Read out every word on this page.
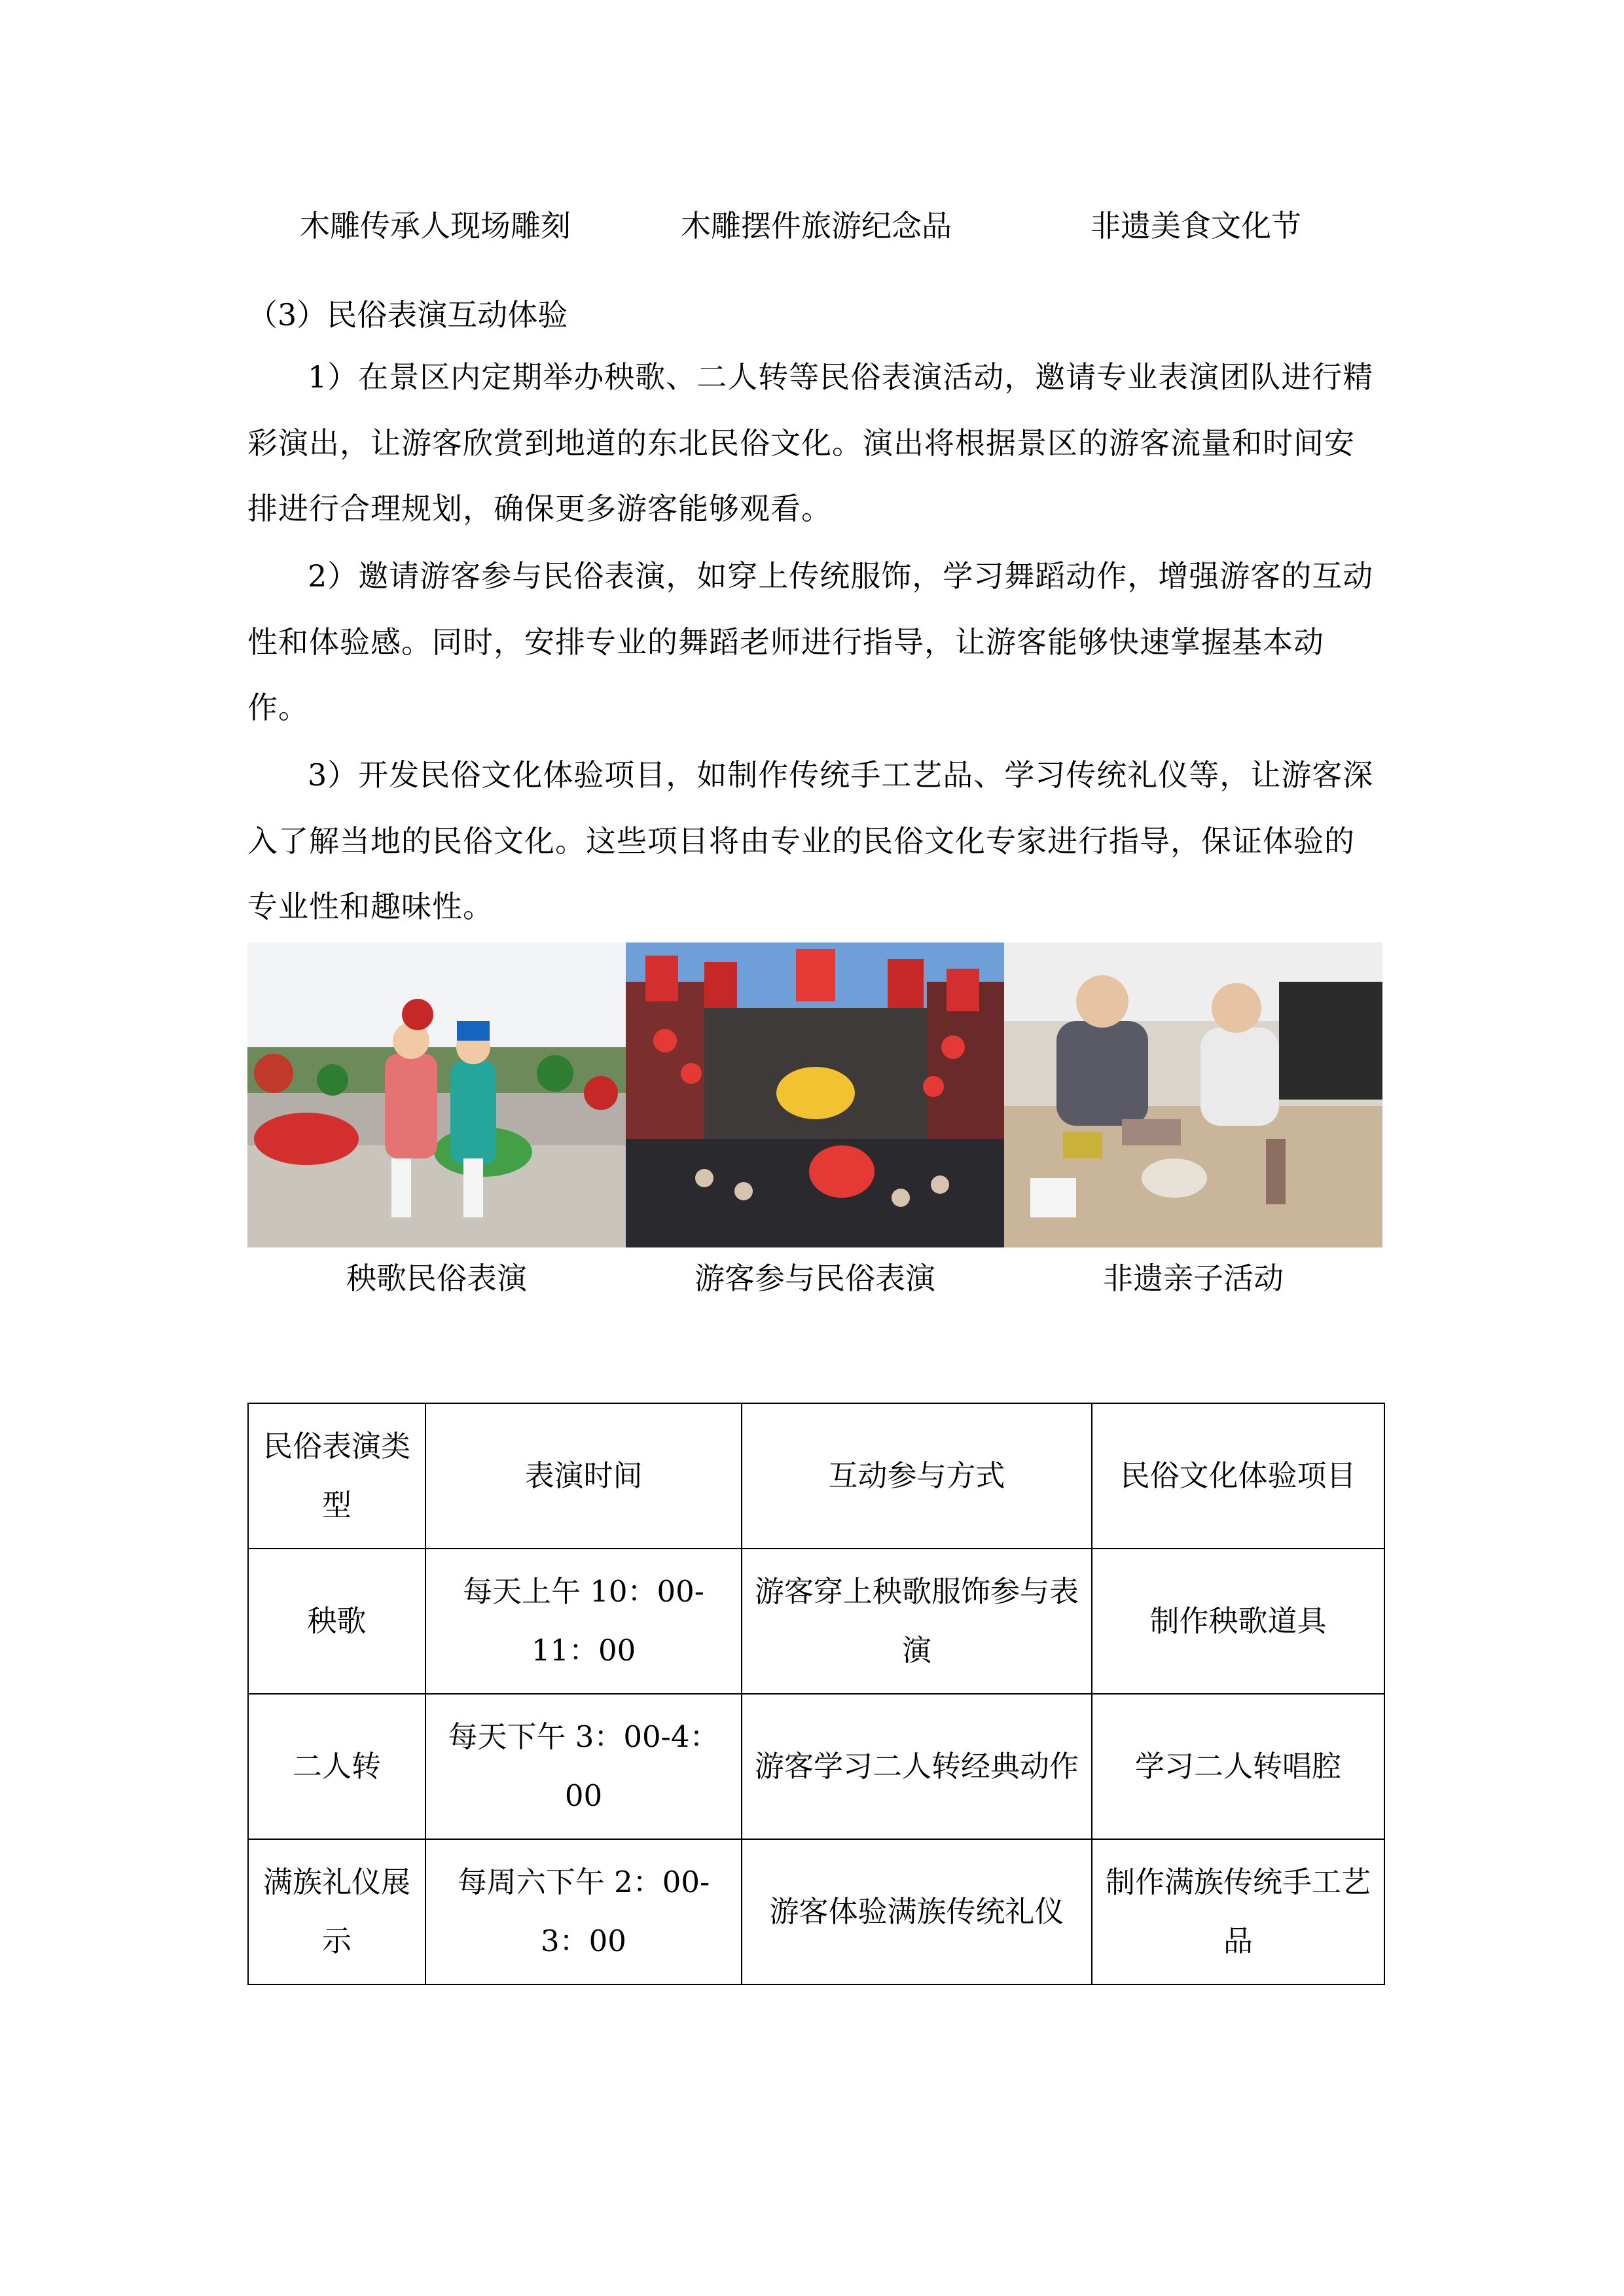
木雕传承人现场雕刻	木雕摆件旅游纪念品	非遗美食文化节
（3）民俗表演互动体验

1）在景区内定期举办秧歌、二人转等民俗表演活动，邀请专业表演团队进行精彩演出，让游客欣赏到地道的东北民俗文化。演出将根据景区的游客流量和时间安排进行合理规划，确保更多游客能够观看。

2）邀请游客参与民俗表演，如穿上传统服饰，学习舞蹈动作，增强游客的互动性和体验感。同时，安排专业的舞蹈老师进行指导，让游客能够快速掌握基本动作。

3）开发民俗文化体验项目，如制作传统手工艺品、学习传统礼仪等，让游客深入了解当地的民俗文化。这些项目将由专业的民俗文化专家进行指导，保证体验的专业性和趣味性。

秧歌民俗表演	游客参与民俗表演	非遗亲子活动
民俗表演类型	表演时间	互动参与方式	民俗文化体验项目
秧歌	每天上午 10：00-11：00	游客穿上秧歌服饰参与表演	制作秧歌道具
二人转	每天下午 3：00-4：00	游客学习二人转经典动作	学习二人转唱腔
满族礼仪展示	每周六下午 2：00-3：00	游客体验满族传统礼仪	制作满族传统手工艺品
